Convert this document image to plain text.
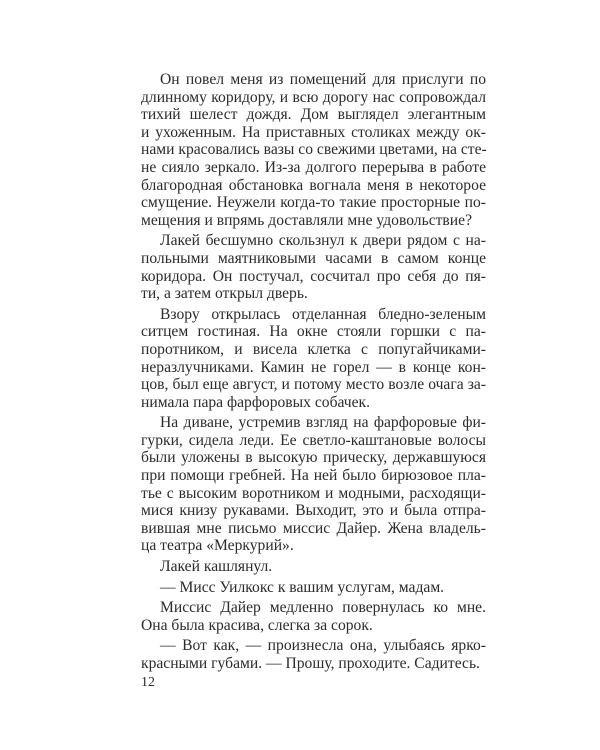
Он повел меня из помещений для прислуги по
длинному коридору, и всю дорогу нас сопровождал
тихий шелест дождя. Дом выглядел элегантным
и ухоженным. На приставных столиках между ок-
нами красовались вазы со свежими цветами, на сте-
не сияло зеркало. Из-за долгого перерыва в работе
благородная обстановка вогнала меня в некоторое
смущение. Неужели когда-то такие просторные по-
мещения и впрямь доставляли мне удовольствие?
Лакей бесшумно скользнул к двери рядом с на-
польными маятниковыми часами в самом конце
коридора. Он постучал, сосчитал про себя до пя-
ти, а затем открыл дверь.
Взору открылась отделанная бледно-зеленым
ситцем гостиная. На окне стояли горшки с па-
поротником, и висела клетка с попугайчиками-
неразлучниками. Камин не горел — в конце кон-
цов, был еще август, и потому место возле очага за-
нимала пара фарфоровых собачек.
На диване, устремив взгляд на фарфоровые фи-
гурки, сидела леди. Ее светло-каштановые волосы
были уложены в высокую прическу, державшуюся
при помощи гребней. На ней было бирюзовое пла-
тье с высоким воротником и модными, расходящи-
мися книзу рукавами. Выходит, это и была отпра-
вившая мне письмо миссис Дайер. Жена владель-
ца театра «Меркурий».
Лакей кашлянул.
— Мисс Уилкокс к вашим услугам, мадам.
Миссис Дайер медленно повернулась ко мне.
Она была красива, слегка за сорок.
— Вот как, — произнесла она, улыбаясь ярко-
красными губами. — Прошу, проходите. Садитесь.
12
